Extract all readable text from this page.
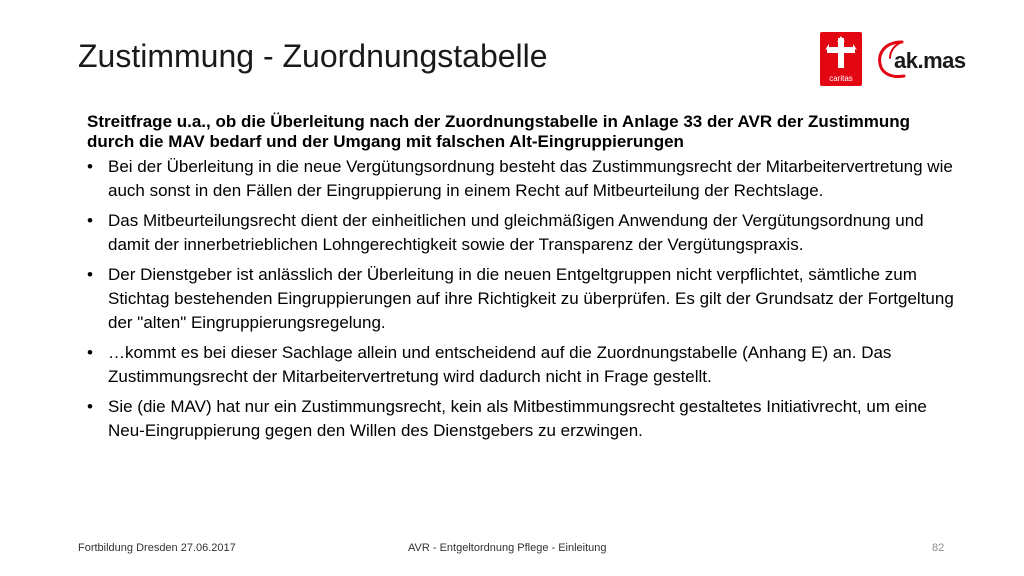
Zustimmung - Zuordnungstabelle
caritas
ak.mas

Streitfrage u.a., ob die Überleitung nach der Zuordnungstabelle in Anlage 33 der AVR der Zustimmung durch die MAV bedarf und der Umgang mit falschen Alt-Eingruppierungen

• Bei der Überleitung in die neue Vergütungsordnung besteht das Zustimmungsrecht der Mitarbeitervertretung wie auch sonst in den Fällen der Eingruppierung in einem Recht auf Mitbeurteilung der Rechtslage.
• Das Mitbeurteilungsrecht dient der einheitlichen und gleichmäßigen Anwendung der Vergütungsordnung und damit der innerbetrieblichen Lohngerechtigkeit sowie der Transparenz der Vergütungspraxis.
• Der Dienstgeber ist anlässlich der Überleitung in die neuen Entgeltgruppen nicht verpflichtet, sämtliche zum Stichtag bestehenden Eingruppierungen auf ihre Richtigkeit zu überprüfen. Es gilt der Grundsatz der Fortgeltung der "alten" Eingruppierungsregelung.
• …kommt es bei dieser Sachlage allein und entscheidend auf die Zuordnungstabelle (Anhang E) an. Das Zustimmungsrecht der Mitarbeitervertretung wird dadurch nicht in Frage gestellt.
• Sie (die MAV) hat nur ein Zustimmungsrecht, kein als Mitbestimmungsrecht gestaltetes Initiativrecht, um eine Neu-Eingruppierung gegen den Willen des Dienstgebers zu erzwingen.
Fortbildung Dresden 27.06.2017	AVR - Entgeltordnung Pflege - Einleitung	82
